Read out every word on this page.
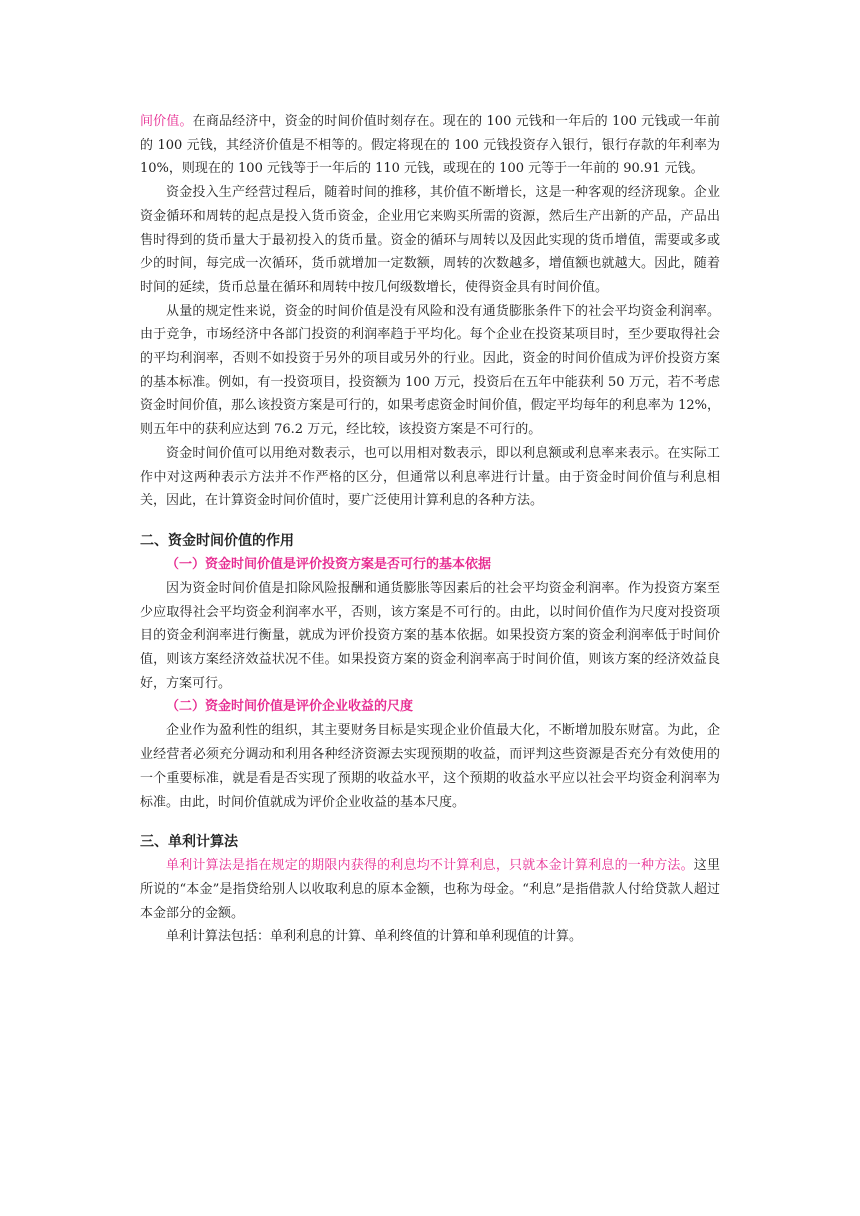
间价值。在商品经济中，资金的时间价值时刻存在。现在的 100 元钱和一年后的 100 元钱或一年前的 100 元钱，其经济价值是不相等的。假定将现在的 100 元钱投资存入银行，银行存款的年利率为 10%，则现在的 100 元钱等于一年后的 110 元钱，或现在的 100 元等于一年前的 90.91 元钱。

资金投入生产经营过程后，随着时间的推移，其价值不断增长，这是一种客观的经济现象。企业资金循环和周转的起点是投入货币资金，企业用它来购买所需的资源，然后生产出新的产品，产品出售时得到的货币量大于最初投入的货币量。资金的循环与周转以及因此实现的货币增值，需要或多或少的时间，每完成一次循环，货币就增加一定数额，周转的次数越多，增值额也就越大。因此，随着时间的延续，货币总量在循环和周转中按几何级数增长，使得资金具有时间价值。

从量的规定性来说，资金的时间价值是没有风险和没有通货膨胀条件下的社会平均资金利润率。由于竞争，市场经济中各部门投资的利润率趋于平均化。每个企业在投资某项目时，至少要取得社会的平均利润率，否则不如投资于另外的项目或另外的行业。因此，资金的时间价值成为评价投资方案的基本标准。例如，有一投资项目，投资额为 100 万元，投资后在五年中能获利 50 万元，若不考虑资金时间价值，那么该投资方案是可行的，如果考虑资金时间价值，假定平均每年的利息率为 12%，则五年中的获利应达到 76.2 万元，经比较，该投资方案是不可行的。

资金时间价值可以用绝对数表示，也可以用相对数表示，即以利息额或利息率来表示。在实际工作中对这两种表示方法并不作严格的区分，但通常以利息率进行计量。由于资金时间价值与利息相关，因此，在计算资金时间价值时，要广泛使用计算利息的各种方法。

二、资金时间价值的作用
（一）资金时间价值是评价投资方案是否可行的基本依据

因为资金时间价值是扣除风险报酬和通货膨胀等因素后的社会平均资金利润率。作为投资方案至少应取得社会平均资金利润率水平，否则，该方案是不可行的。由此，以时间价值作为尺度对投资项目的资金利润率进行衡量，就成为评价投资方案的基本依据。如果投资方案的资金利润率低于时间价值，则该方案经济效益状况不佳。如果投资方案的资金利润率高于时间价值，则该方案的经济效益良好，方案可行。

（二）资金时间价值是评价企业收益的尺度

企业作为盈利性的组织，其主要财务目标是实现企业价值最大化，不断增加股东财富。为此，企业经营者必须充分调动和利用各种经济资源去实现预期的收益，而评判这些资源是否充分有效使用的一个重要标准，就是看是否实现了预期的收益水平，这个预期的收益水平应以社会平均资金利润率为标准。由此，时间价值就成为评价企业收益的基本尺度。

三、单利计算法

单利计算法是指在规定的期限内获得的利息均不计算利息，只就本金计算利息的一种方法。这里所说的“本金”是指贷给别人以收取利息的原本金额，也称为母金。“利息”是指借款人付给贷款人超过本金部分的金额。

单利计算法包括：单利利息的计算、单利终值的计算和单利现值的计算。
